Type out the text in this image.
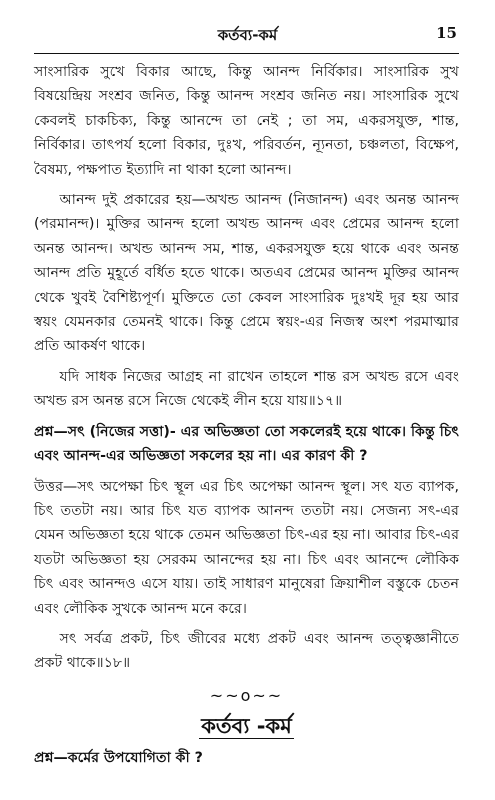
কর্তব্য-কর্ম	15

সাংসারিক সুখে বিকার আছে, কিন্তু আনন্দ নির্বিকার। সাংসারিক সুখ বিষয়েন্দ্রিয় সংশ্রব জনিত, কিন্তু আনন্দ সংশ্রব জনিত নয়। সাংসারিক সুখে কেবলই চাকচিক্য, কিন্তু আনন্দে তা নেই ; তা সম, একরসযুক্ত, শান্ত, নির্বিকার। তাৎপর্য হলো বিকার, দুঃখ, পরিবর্তন, ন্যূনতা, চঞ্চলতা, বিক্ষেপ, বৈষম্য, পক্ষপাত ইত্যাদি না থাকা হলো আনন্দ।

আনন্দ দুই প্রকারের হয়—অখন্ড আনন্দ (নিজানন্দ) এবং অনন্ত আনন্দ (পরমানন্দ)। মুক্তির আনন্দ হলো অখন্ড আনন্দ এবং প্রেমের আনন্দ হলো অনন্ত আনন্দ। অখন্ড আনন্দ সম, শান্ত, একরসযুক্ত হয়ে থাকে এবং অনন্ত আনন্দ প্রতি মুহূর্তে বর্ধিত হতে থাকে। অতএব প্রেমের আনন্দ মুক্তির আনন্দ থেকে খুবই বৈশিষ্ট্যপূর্ণ। মুক্তিতে তো কেবল সাংসারিক দুঃখই দূর হয় আর স্বয়ং যেমনকার তেমনই থাকে। কিন্তু প্রেমে স্বয়ং-এর নিজস্ব অংশ পরমাত্মার প্রতি আকর্ষণ থাকে।

যদি সাধক নিজের আগ্রহ না রাখেন তাহলে শান্ত রস অখন্ড রসে এবং অখন্ড রস অনন্ত রসে নিজে থেকেই লীন হয়ে যায়॥১৭॥

প্রশ্ন—সৎ (নিজের সত্তা)- এর অভিজ্ঞতা তো সকলেরই হয়ে থাকে। কিন্তু চিৎ এবং আনন্দ-এর অভিজ্ঞতা সকলের হয় না। এর কারণ কী ?

উত্তর—সৎ অপেক্ষা চিৎ স্থূল এর চিৎ অপেক্ষা আনন্দ স্থূল। সৎ যত ব্যাপক, চিৎ ততটা নয়। আর চিৎ যত ব্যাপক আনন্দ ততটা নয়। সেজন্য সৎ-এর যেমন অভিজ্ঞতা হয়ে থাকে তেমন অভিজ্ঞতা চিৎ-এর হয় না। আবার চিৎ-এর যতটা অভিজ্ঞতা হয় সেরকম আনন্দের হয় না। চিৎ এবং আনন্দে লৌকিক চিৎ এবং আনন্দও এসে যায়। তাই সাধারণ মানুষেরা ক্রিয়াশীল বস্তুকে চেতন এবং লৌকিক সুখকে আনন্দ মনে করে।

সৎ সর্বত্র প্রকট, চিৎ জীবের মধ্যে প্রকট এবং আনন্দ তত্ত্বজ্ঞানীতে প্রকট থাকে॥১৮॥

~~o~~
কর্তব্য -কর্ম

প্রশ্ন—কর্মের উপযোগিতা কী ?
